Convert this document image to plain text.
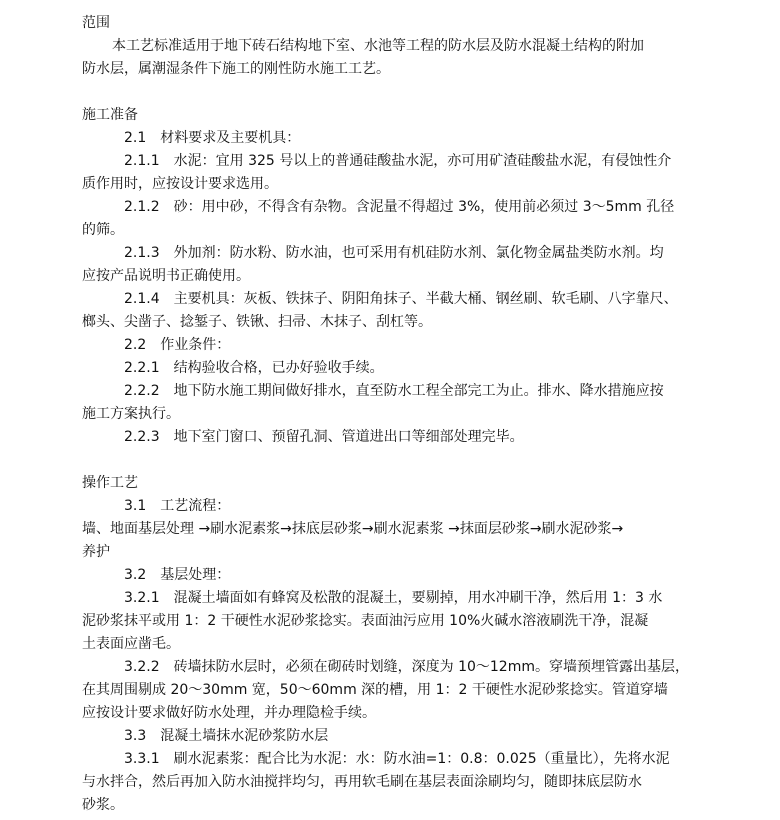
范围
本工艺标准适用于地下砖石结构地下室、水池等工程的防水层及防水混凝土结构的附加
防水层，属潮湿条件下施工的刚性防水施工工艺。
施工准备
2.1　材料要求及主要机具：
2.1.1　水泥：宜用 325 号以上的普通硅酸盐水泥，亦可用矿渣硅酸盐水泥，有侵蚀性介
质作用时，应按设计要求选用。
2.1.2　砂：用中砂，不得含有杂物。含泥量不得超过 3%，使用前必须过 3～5mm 孔径
的筛。
2.1.3　外加剂：防水粉、防水油，也可采用有机硅防水剂、氯化物金属盐类防水剂。均
应按产品说明书正确使用。
2.1.4　主要机具：灰板、铁抹子、阴阳角抹子、半截大桶、钢丝刷、软毛刷、八字靠尺、
榔头、尖凿子、捻錾子、铁锹、扫帚、木抹子、刮杠等。
2.2　作业条件：
2.2.1　结构验收合格，已办好验收手续。
2.2.2　地下防水施工期间做好排水，直至防水工程全部完工为止。排水、降水措施应按
施工方案执行。
2.2.3　地下室门窗口、预留孔洞、管道进出口等细部处理完毕。
操作工艺
3.1　工艺流程：
墙、地面基层处理 →刷水泥素浆→抹底层砂浆→刷水泥素浆 →抹面层砂浆→刷水泥砂浆→
养护
3.2　基层处理：
3.2.1　混凝土墙面如有蜂窝及松散的混凝土，要剔掉，用水冲刷干净，然后用 1：3 水
泥砂浆抹平或用 1：2 干硬性水泥砂浆捻实。表面油污应用 10%火碱水溶液刷洗干净，混凝
土表面应凿毛。
3.2.2　砖墙抹防水层时，必须在砌砖时划缝，深度为 10～12mm。穿墙预埋管露出基层，
在其周围剔成 20～30mm 宽，50～60mm 深的槽，用 1：2 干硬性水泥砂浆捻实。管道穿墙
应按设计要求做好防水处理，并办理隐检手续。
3.3　混凝土墙抹水泥砂浆防水层
3.3.1　刷水泥素浆：配合比为水泥：水：防水油=1：0.8：0.025（重量比），先将水泥
与水拌合，然后再加入防水油搅拌均匀，再用软毛刷在基层表面涂刷均匀，随即抹底层防水
砂浆。
